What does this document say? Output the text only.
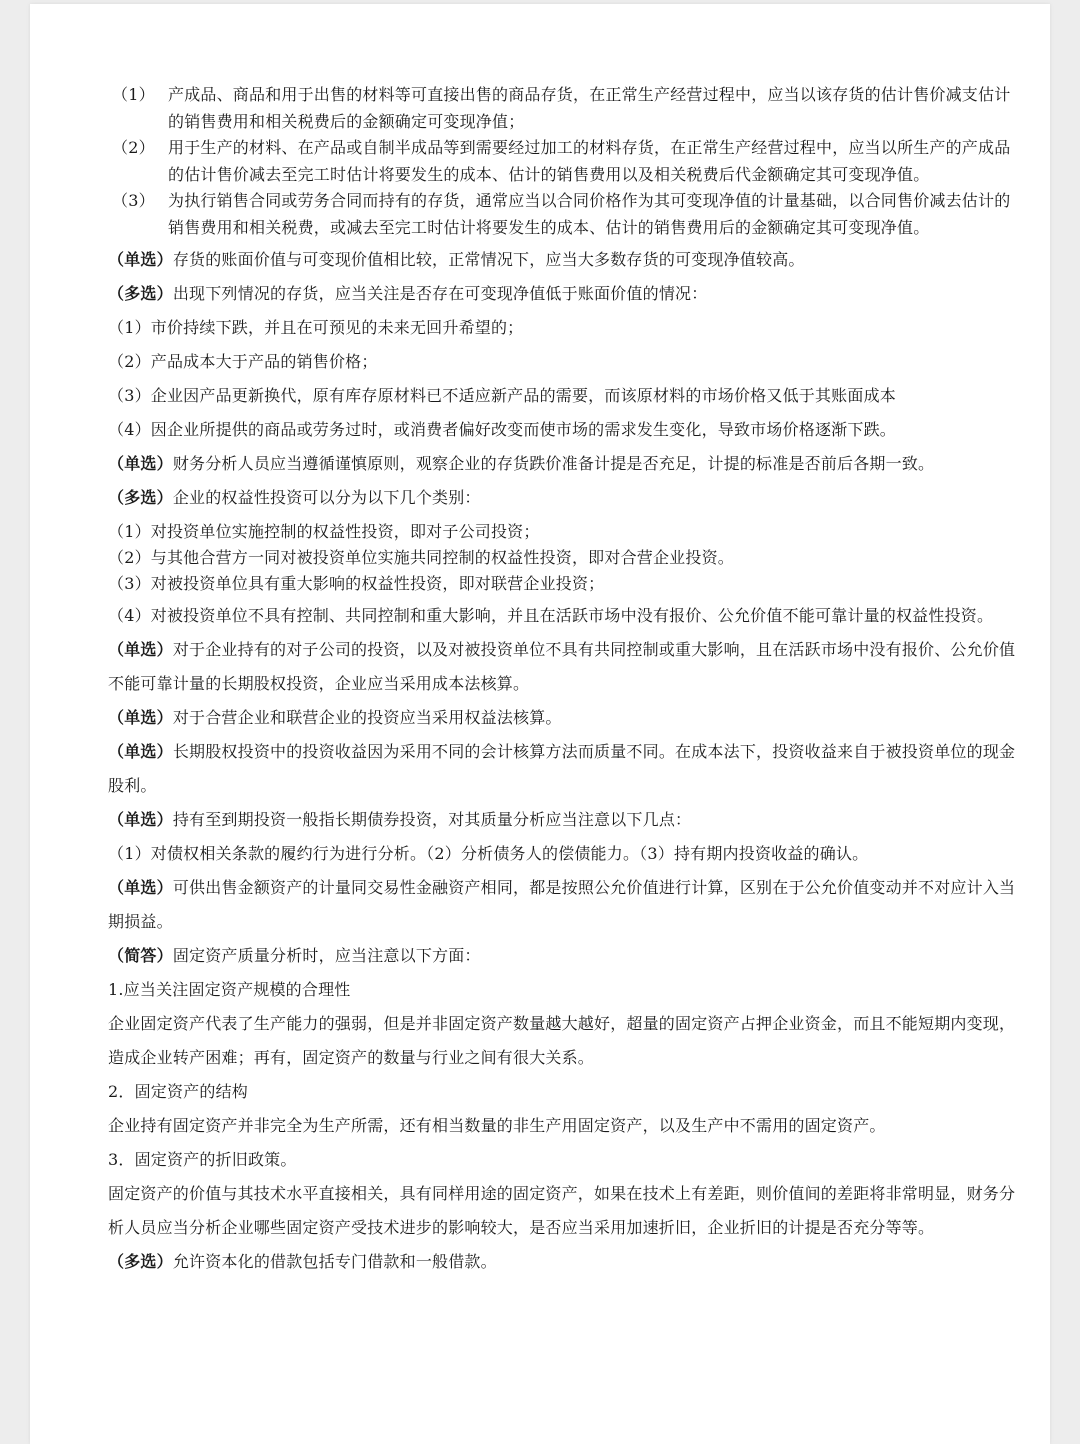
（1） 产成品、商品和用于出售的材料等可直接出售的商品存货，在正常生产经营过程中，应当以该存货的估计售价减支估计的销售费用和相关税费后的金额确定可变现净值；
（2） 用于生产的材料、在产品或自制半成品等到需要经过加工的材料存货，在正常生产经营过程中，应当以所生产的产成品的估计售价减去至完工时估计将要发生的成本、估计的销售费用以及相关税费后代金额确定其可变现净值。
（3） 为执行销售合同或劳务合同而持有的存货，通常应当以合同价格作为其可变现净值的计量基础，以合同售价减去估计的销售费用和相关税费，或减去至完工时估计将要发生的成本、估计的销售费用后的金额确定其可变现净值。
（单选）存货的账面价值与可变现价值相比较，正常情况下，应当大多数存货的可变现净值较高。
（多选）出现下列情况的存货，应当关注是否存在可变现净值低于账面价值的情况：
（1）市价持续下跌，并且在可预见的未来无回升希望的；
（2）产品成本大于产品的销售价格；
（3）企业因产品更新换代，原有库存原材料已不适应新产品的需要，而该原材料的市场价格又低于其账面成本
（4）因企业所提供的商品或劳务过时，或消费者偏好改变而使市场的需求发生变化，导致市场价格逐渐下跌。
（单选）财务分析人员应当遵循谨慎原则，观察企业的存货跌价准备计提是否充足，计提的标准是否前后各期一致。
（多选）企业的权益性投资可以分为以下几个类别：
（1）对投资单位实施控制的权益性投资，即对子公司投资；
（2）与其他合营方一同对被投资单位实施共同控制的权益性投资，即对合营企业投资。
（3）对被投资单位具有重大影响的权益性投资，即对联营企业投资；
（4）对被投资单位不具有控制、共同控制和重大影响，并且在活跃市场中没有报价、公允价值不能可靠计量的权益性投资。
（单选）对于企业持有的对子公司的投资，以及对被投资单位不具有共同控制或重大影响，且在活跃市场中没有报价、公允价值不能可靠计量的长期股权投资，企业应当采用成本法核算。
（单选）对于合营企业和联营企业的投资应当采用权益法核算。
（单选）长期股权投资中的投资收益因为采用不同的会计核算方法而质量不同。在成本法下，投资收益来自于被投资单位的现金股利。
（单选）持有至到期投资一般指长期债券投资，对其质量分析应当注意以下几点：
（1）对债权相关条款的履约行为进行分析。（2）分析债务人的偿债能力。（3）持有期内投资收益的确认。
（单选）可供出售金额资产的计量同交易性金融资产相同，都是按照公允价值进行计算，区别在于公允价值变动并不对应计入当期损益。
（简答）固定资产质量分析时，应当注意以下方面：
1.应当关注固定资产规模的合理性
企业固定资产代表了生产能力的强弱，但是并非固定资产数量越大越好，超量的固定资产占押企业资金，而且不能短期内变现，造成企业转产困难；再有，固定资产的数量与行业之间有很大关系。
2．固定资产的结构
企业持有固定资产并非完全为生产所需，还有相当数量的非生产用固定资产，以及生产中不需用的固定资产。
3．固定资产的折旧政策。
固定资产的价值与其技术水平直接相关，具有同样用途的固定资产，如果在技术上有差距，则价值间的差距将非常明显，财务分析人员应当分析企业哪些固定资产受技术进步的影响较大，是否应当采用加速折旧，企业折旧的计提是否充分等等。
（多选）允许资本化的借款包括专门借款和一般借款。
